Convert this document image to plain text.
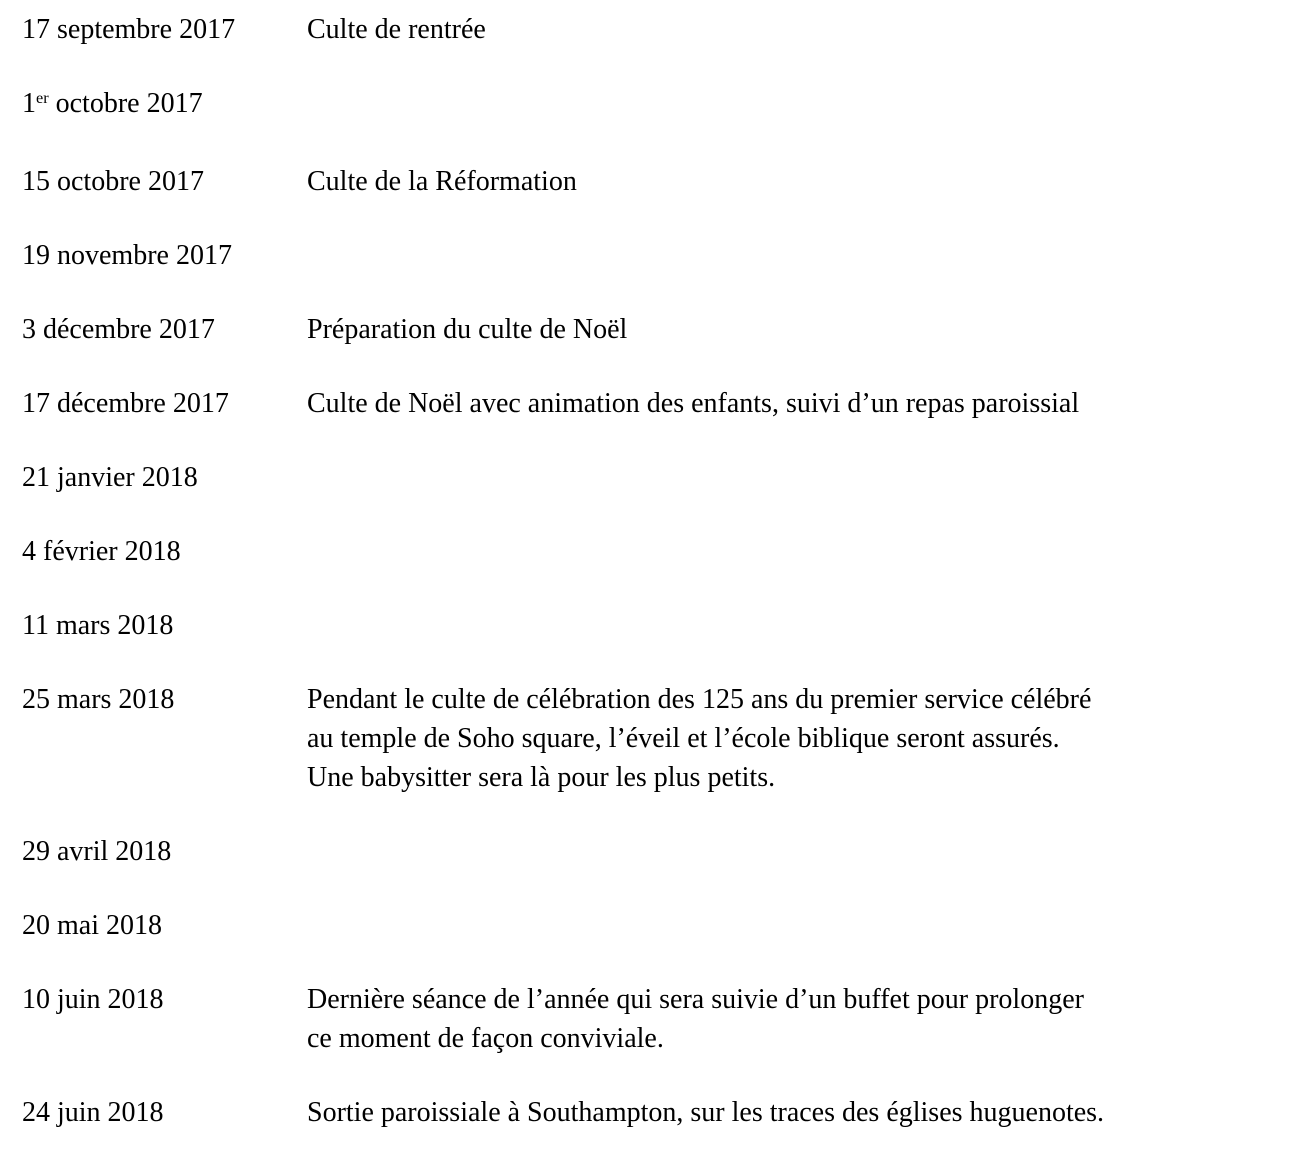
17 septembre 2017	Culte de rentrée
1er octobre 2017
15 octobre 2017	Culte de la Réformation
19 novembre 2017
3 décembre 2017	Préparation du culte de Noël
17 décembre 2017	Culte de Noël avec animation des enfants, suivi d’un repas paroissial
21 janvier 2018
4 février 2018
11 mars 2018
25 mars 2018	Pendant le culte de célébration des 125 ans du premier service célébré
au temple de Soho square, l’éveil et l’école biblique seront assurés.
Une babysitter sera là pour les plus petits.
29 avril 2018
20 mai 2018
10 juin 2018	Dernière séance de l’année qui sera suivie d’un buffet pour prolonger
ce moment de façon conviviale.
24 juin 2018	Sortie paroissiale à Southampton, sur les traces des églises huguenotes.
